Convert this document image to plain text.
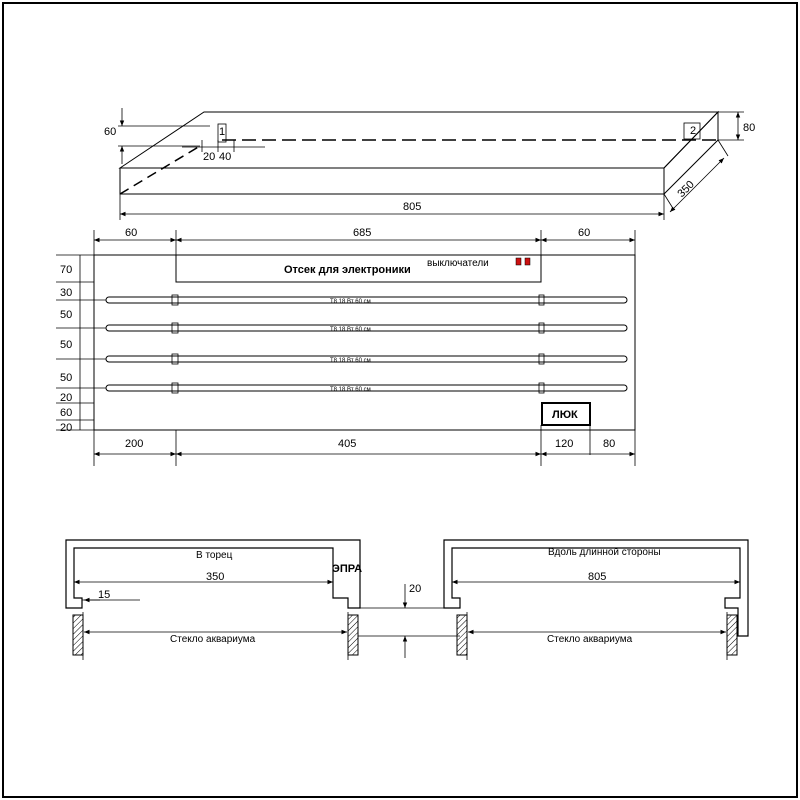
1	2
60
20 40
80
805
350
Отсек для электроники
выключатели
T8 18 Вт 60 см
T8 18 Вт 60 см
T8 18 Вт 60 см
T8 18 Вт 60 см
ЛЮК
60	685	60
70
30
50
50
50
20
60
20
200	405	120	80
В торец
ЭПРА
350
15
Стекло аквариума
20
Вдоль длинной стороны
805
Стекло аквариума
